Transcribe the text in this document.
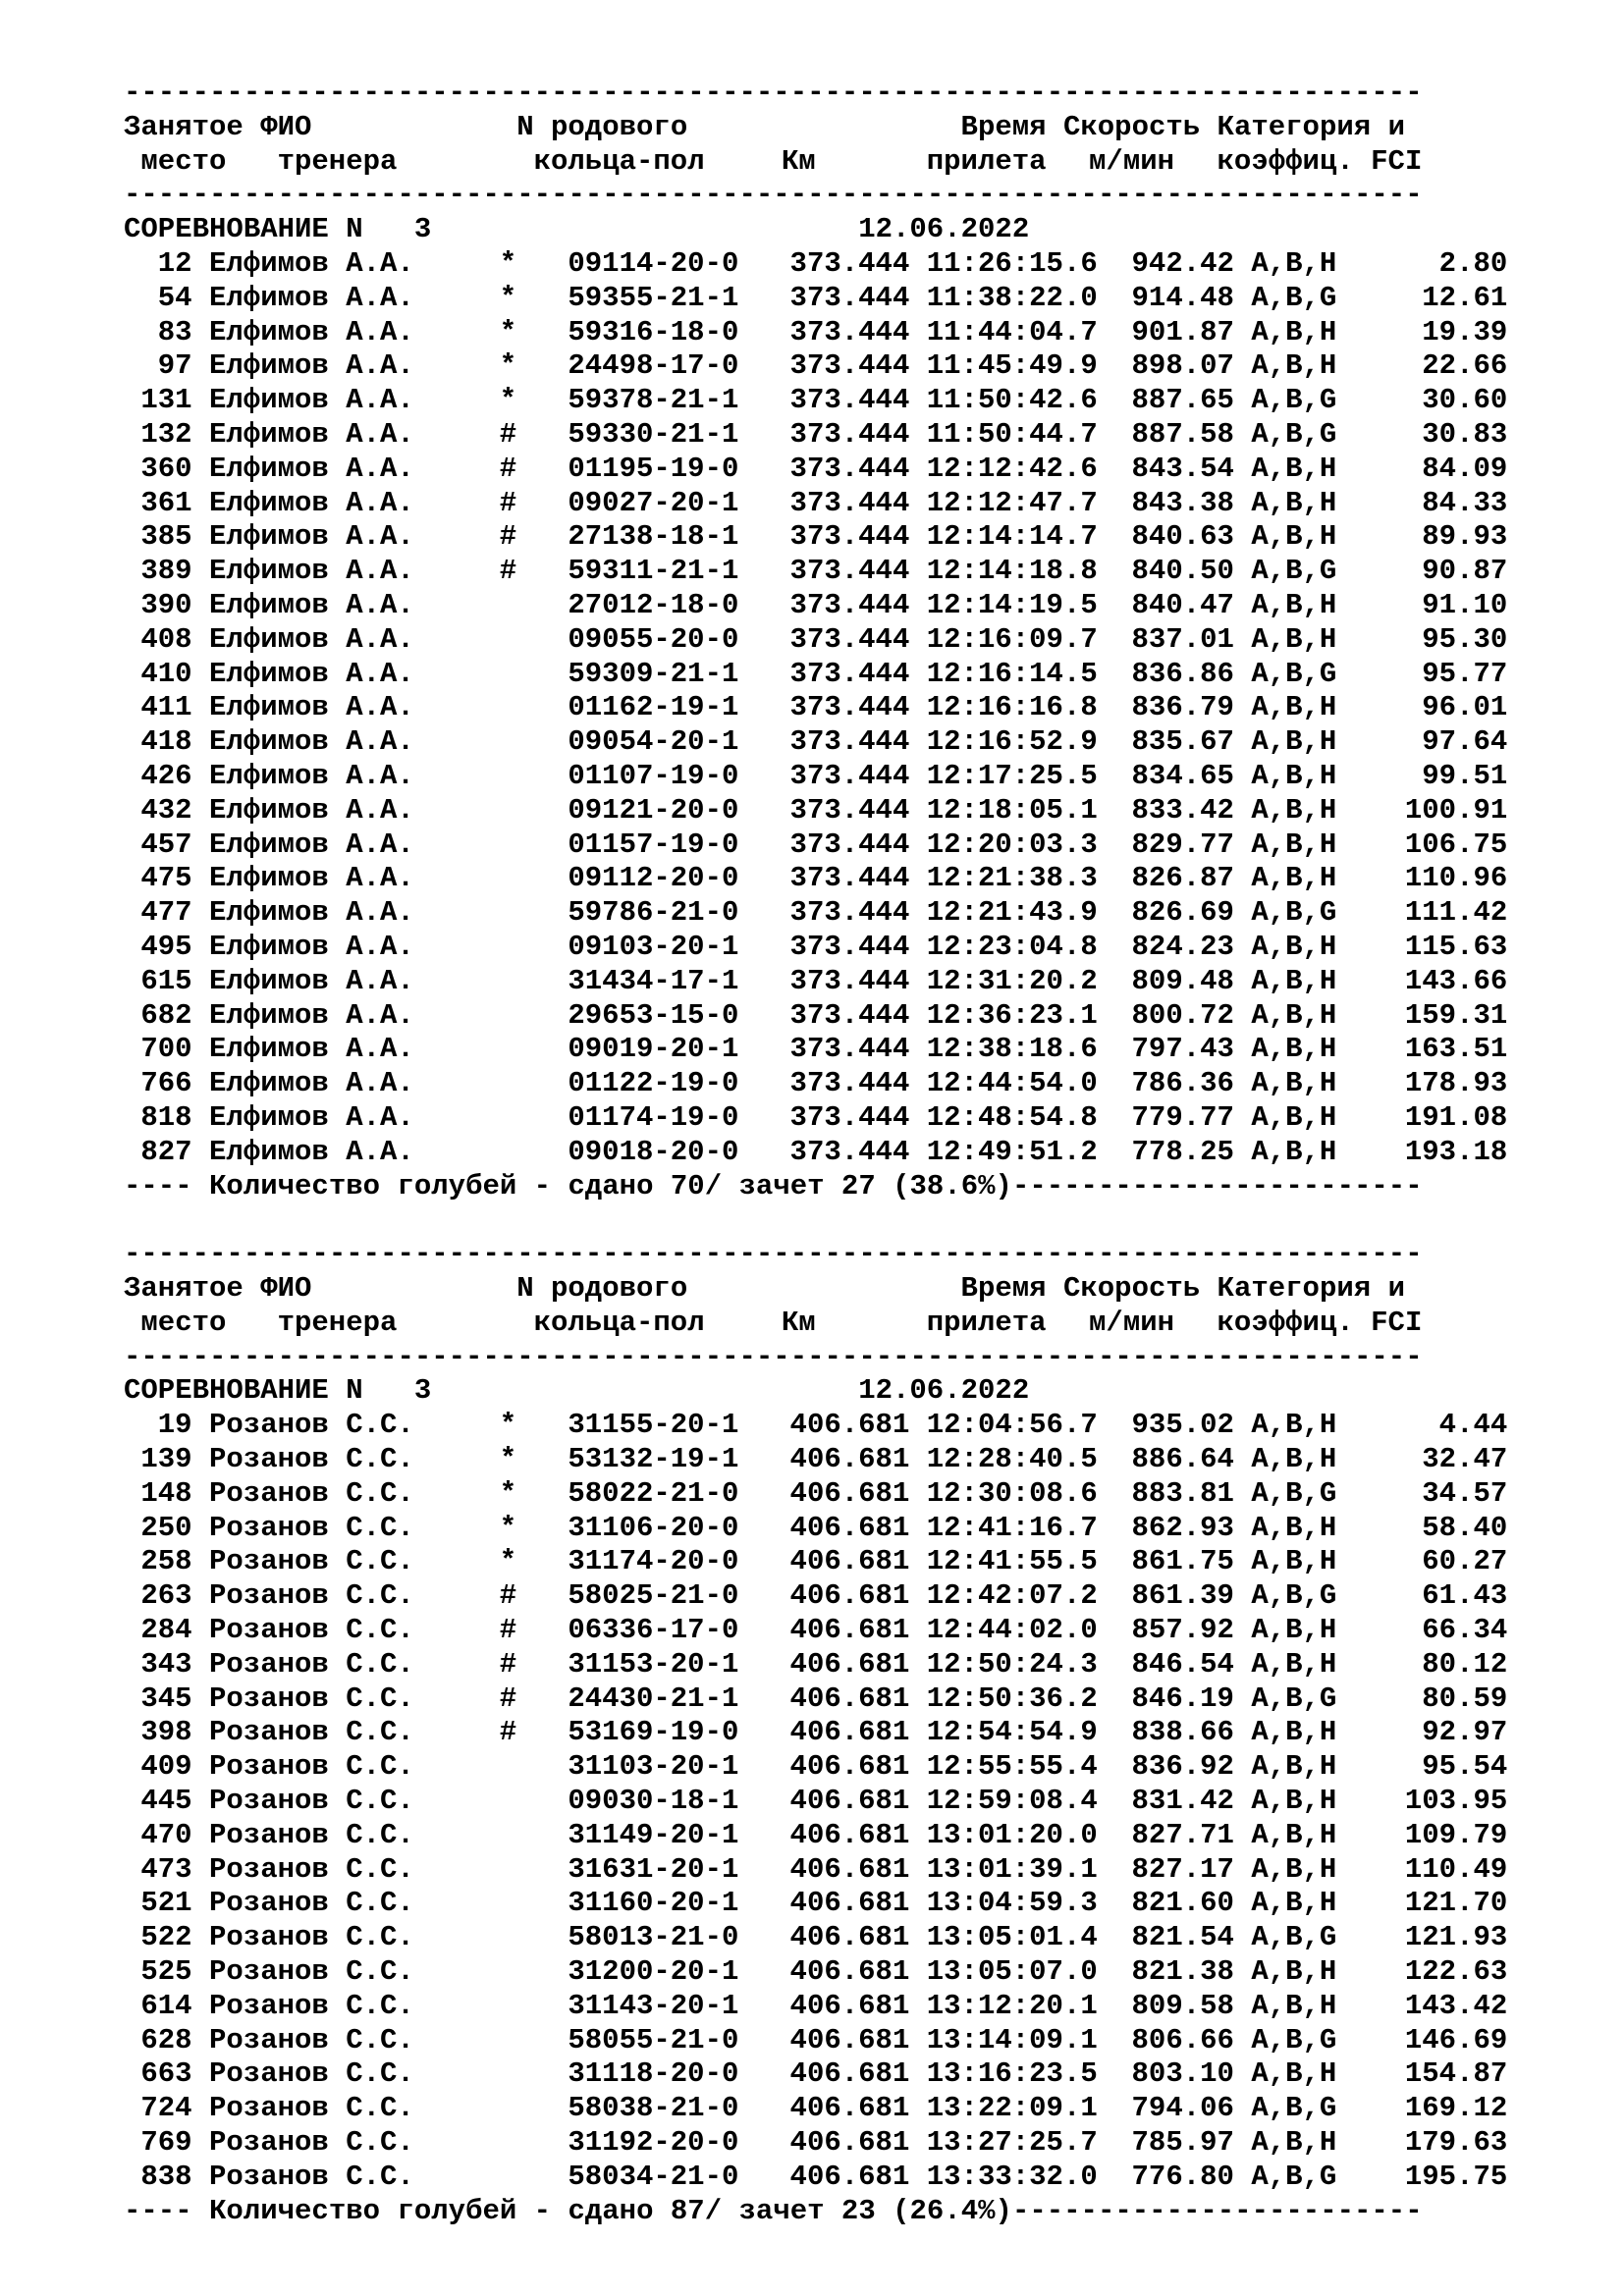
----------------------------------------------------------------------------
Занятое ФИО	N родового	Время Скорость Категория и
место тренера	кольца-пол	Км	прилета м/мин коэффиц. FCI
----------------------------------------------------------------------------
СОРЕВНОВАНИЕ N   3	12.06.2022
12 Елфимов А.А.	* 09114-20-0 373.444 11:26:15.6 942.42 A,B,H	2.80
54 Елфимов А.А.	* 59355-21-1 373.444 11:38:22.0 914.48 A,B,G	12.61
83 Елфимов А.А.	* 59316-18-0 373.444 11:44:04.7 901.87 A,B,H	19.39
97 Елфимов А.А.	* 24498-17-0 373.444 11:45:49.9 898.07 A,B,H	22.66
131 Елфимов А.А.	* 59378-21-1 373.444 11:50:42.6 887.65 A,B,G	30.60
132 Елфимов А.А.	# 59330-21-1 373.444 11:50:44.7 887.58 A,B,G	30.83
360 Елфимов А.А.	# 01195-19-0 373.444 12:12:42.6 843.54 A,B,H	84.09
361 Елфимов А.А.	# 09027-20-1 373.444 12:12:47.7 843.38 A,B,H	84.33
385 Елфимов А.А.	# 27138-18-1 373.444 12:14:14.7 840.63 A,B,H	89.93
389 Елфимов А.А.	# 59311-21-1 373.444 12:14:18.8 840.50 A,B,G	90.87
390 Елфимов А.А.	27012-18-0 373.444 12:14:19.5 840.47 A,B,H	91.10
408 Елфимов А.А.	09055-20-0 373.444 12:16:09.7 837.01 A,B,H	95.30
410 Елфимов А.А.	59309-21-1 373.444 12:16:14.5 836.86 A,B,G	95.77
411 Елфимов А.А.	01162-19-1 373.444 12:16:16.8 836.79 A,B,H	96.01
418 Елфимов А.А.	09054-20-1 373.444 12:16:52.9 835.67 A,B,H	97.64
426 Елфимов А.А.	01107-19-0 373.444 12:17:25.5 834.65 A,B,H	99.51
432 Елфимов А.А.	09121-20-0 373.444 12:18:05.1 833.42 A,B,H 100.91
457 Елфимов А.А.	01157-19-0 373.444 12:20:03.3 829.77 A,B,H 106.75
475 Елфимов А.А.	09112-20-0 373.444 12:21:38.3 826.87 A,B,H 110.96
477 Елфимов А.А.	59786-21-0 373.444 12:21:43.9 826.69 A,B,G 111.42
495 Елфимов А.А.	09103-20-1 373.444 12:23:04.8 824.23 A,B,H 115.63
615 Елфимов А.А.	31434-17-1 373.444 12:31:20.2 809.48 A,B,H 143.66
682 Елфимов А.А.	29653-15-0 373.444 12:36:23.1 800.72 A,B,H 159.31
700 Елфимов А.А.	09019-20-1 373.444 12:38:18.6 797.43 A,B,H 163.51
766 Елфимов А.А.	01122-19-0 373.444 12:44:54.0 786.36 A,B,H 178.93
818 Елфимов А.А.	01174-19-0 373.444 12:48:54.8 779.77 A,B,H 191.08
827 Елфимов А.А.	09018-20-0 373.444 12:49:51.2 778.25 A,B,H 193.18
---- Количество голубей - сдано 70/ зачет 27 (38.6%)------------------------
----------------------------------------------------------------------------
Занятое ФИО	N родового	Время Скорость Категория и
место тренера	кольца-пол	Км	прилета м/мин коэффиц. FCI
----------------------------------------------------------------------------
СОРЕВНОВАНИЕ N   3	12.06.2022
19 Розанов С.С.	* 31155-20-1 406.681 12:04:56.7 935.02 A,B,H	4.44
139 Розанов С.С.	* 53132-19-1 406.681 12:28:40.5 886.64 A,B,H	32.47
148 Розанов С.С.	* 58022-21-0 406.681 12:30:08.6 883.81 A,B,G	34.57
250 Розанов С.С.	* 31106-20-0 406.681 12:41:16.7 862.93 A,B,H	58.40
258 Розанов С.С.	* 31174-20-0 406.681 12:41:55.5 861.75 A,B,H	60.27
263 Розанов С.С.	# 58025-21-0 406.681 12:42:07.2 861.39 A,B,G	61.43
284 Розанов С.С.	# 06336-17-0 406.681 12:44:02.0 857.92 A,B,H	66.34
343 Розанов С.С.	# 31153-20-1 406.681 12:50:24.3 846.54 A,B,H	80.12
345 Розанов С.С.	# 24430-21-1 406.681 12:50:36.2 846.19 A,B,G	80.59
398 Розанов С.С.	# 53169-19-0 406.681 12:54:54.9 838.66 A,B,H	92.97
409 Розанов С.С.	31103-20-1 406.681 12:55:55.4 836.92 A,B,H	95.54
445 Розанов С.С.	09030-18-1 406.681 12:59:08.4 831.42 A,B,H 103.95
470 Розанов С.С.	31149-20-1 406.681 13:01:20.0 827.71 A,B,H 109.79
473 Розанов С.С.	31631-20-1 406.681 13:01:39.1 827.17 A,B,H 110.49
521 Розанов С.С.	31160-20-1 406.681 13:04:59.3 821.60 A,B,H 121.70
522 Розанов С.С.	58013-21-0 406.681 13:05:01.4 821.54 A,B,G 121.93
525 Розанов С.С.	31200-20-1 406.681 13:05:07.0 821.38 A,B,H 122.63
614 Розанов С.С.	31143-20-1 406.681 13:12:20.1 809.58 A,B,H 143.42
628 Розанов С.С.	58055-21-0 406.681 13:14:09.1 806.66 A,B,G 146.69
663 Розанов С.С.	31118-20-0 406.681 13:16:23.5 803.10 A,B,H 154.87
724 Розанов С.С.	58038-21-0 406.681 13:22:09.1 794.06 A,B,G 169.12
769 Розанов С.С.	31192-20-0 406.681 13:27:25.7 785.97 A,B,H 179.63
838 Розанов С.С.	58034-21-0 406.681 13:33:32.0 776.80 A,B,G 195.75
---- Количество голубей - сдано 87/ зачет 23 (26.4%)------------------------
